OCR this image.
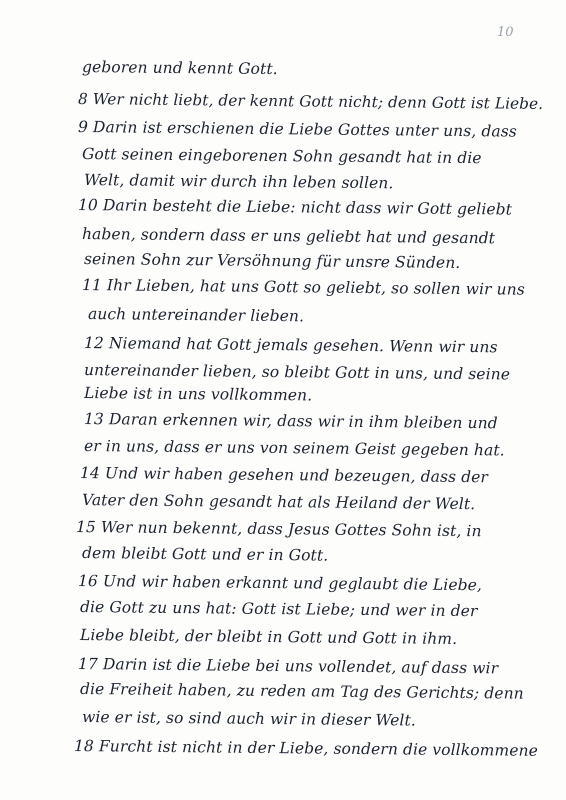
10
geboren und kennt Gott.
8 Wer nicht liebt, der kennt Gott nicht; denn Gott ist Liebe.
9 Darin ist erschienen die Liebe Gottes unter uns, dass
Gott seinen eingeborenen Sohn gesandt hat in die
Welt, damit wir durch ihn leben sollen.
10 Darin besteht die Liebe: nicht dass wir Gott geliebt
haben, sondern dass er uns geliebt hat und gesandt
seinen Sohn zur Versöhnung für unsre Sünden.
11 Ihr Lieben, hat uns Gott so geliebt, so sollen wir uns
auch untereinander lieben.
12 Niemand hat Gott jemals gesehen. Wenn wir uns
untereinander lieben, so bleibt Gott in uns, und seine
Liebe ist in uns vollkommen.
13 Daran erkennen wir, dass wir in ihm bleiben und
er in uns, dass er uns von seinem Geist gegeben hat.
14 Und wir haben gesehen und bezeugen, dass der
Vater den Sohn gesandt hat als Heiland der Welt.
15 Wer nun bekennt, dass Jesus Gottes Sohn ist, in
dem bleibt Gott und er in Gott.
16 Und wir haben erkannt und geglaubt die Liebe,
die Gott zu uns hat: Gott ist Liebe; und wer in der
Liebe bleibt, der bleibt in Gott und Gott in ihm.
17 Darin ist die Liebe bei uns vollendet, auf dass wir
die Freiheit haben, zu reden am Tag des Gerichts; denn
wie er ist, so sind auch wir in dieser Welt.
18 Furcht ist nicht in der Liebe, sondern die vollkommene
